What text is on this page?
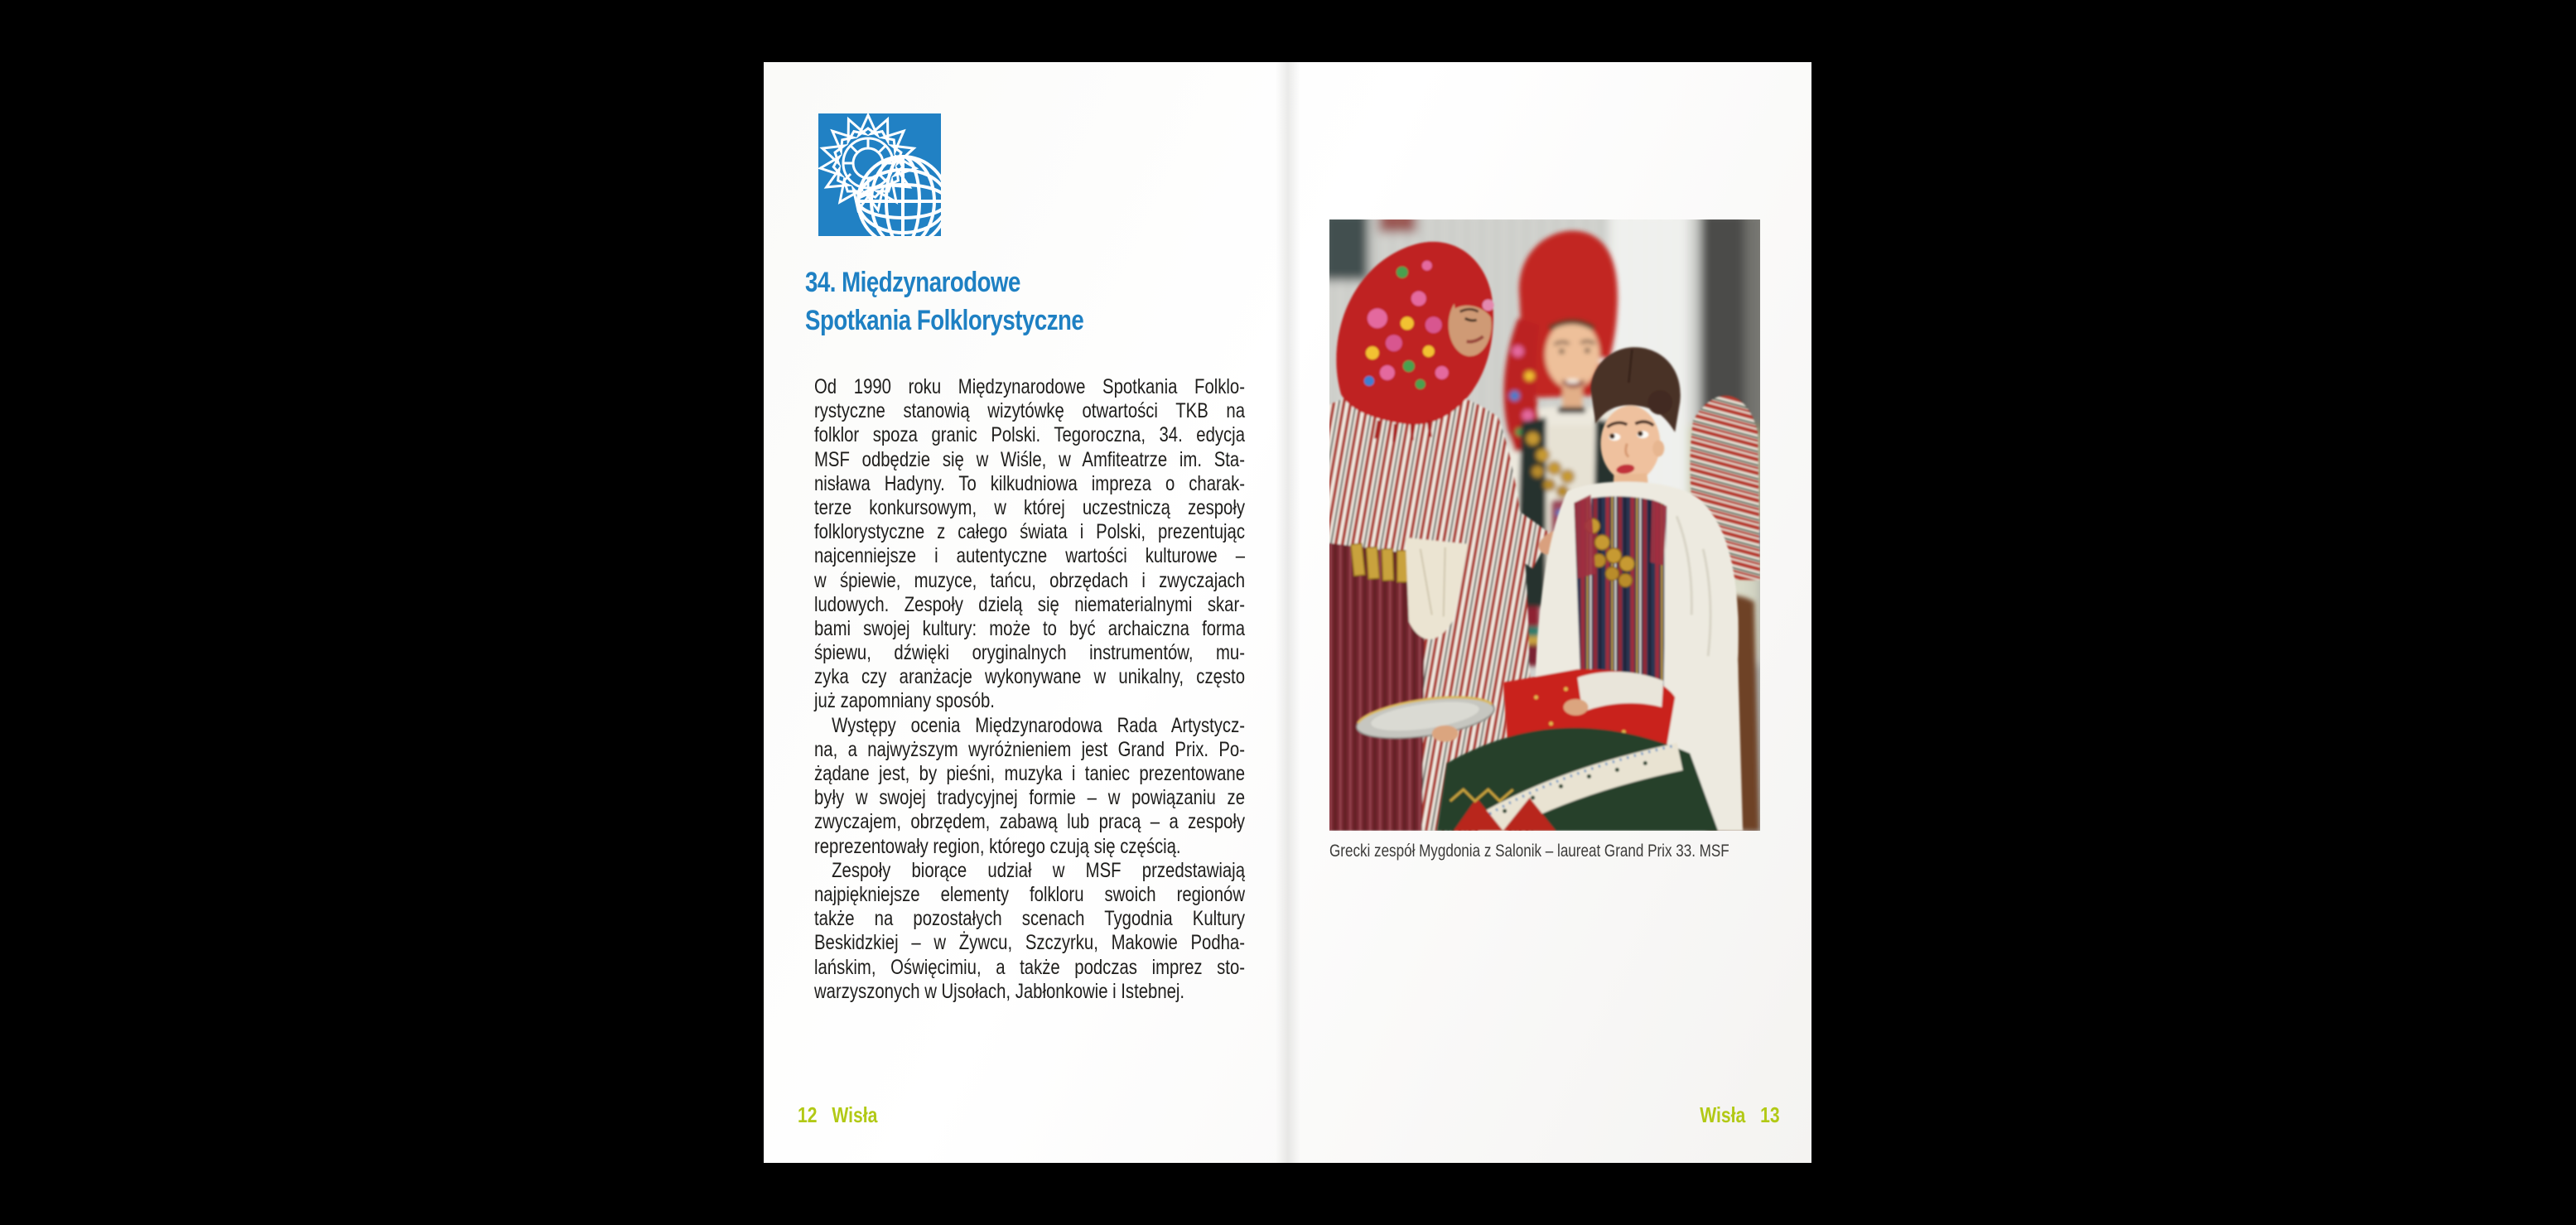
34. Międzynarodowe
Spotkania Folklorystyczne
Od 1990 roku Międzynarodowe Spotkania Folklo-
rystyczne stanowią wizytówkę otwartości TKB na
folklor spoza granic Polski. Tegoroczna, 34. edycja
MSF odbędzie się w Wiśle, w Amfiteatrze im. Sta-
nisława Hadyny. To kilkudniowa impreza o charak-
terze konkursowym, w której uczestniczą zespoły
folklorystyczne z całego świata i Polski, prezentując
najcenniejsze i autentyczne wartości kulturowe –
w śpiewie, muzyce, tańcu, obrzędach i zwyczajach
ludowych. Zespoły dzielą się niematerialnymi skar-
bami swojej kultury: może to być archaiczna forma
śpiewu, dźwięki oryginalnych instrumentów, mu-
zyka czy aranżacje wykonywane w unikalny, często
już zapomniany sposób.
Występy ocenia Międzynarodowa Rada Artystycz-
na, a najwyższym wyróżnieniem jest Grand Prix. Po-
żądane jest, by pieśni, muzyka i taniec prezentowane
były w swojej tradycyjnej formie – w powiązaniu ze
zwyczajem, obrzędem, zabawą lub pracą – a zespoły
reprezentowały region, którego czują się częścią.
Zespoły biorące udział w MSF przedstawiają
najpiękniejsze elementy folkloru swoich regionów
także na pozostałych scenach Tygodnia Kultury
Beskidzkiej – w Żywcu, Szczyrku, Makowie Podha-
lańskim, Oświęcimiu, a także podczas imprez sto-
warzyszonych w Ujsołach, Jabłonkowie i Istebnej.
12 Wisła
Grecki zespół Mygdonia z Salonik – laureat Grand Prix 33. MSF
Wisła 13
